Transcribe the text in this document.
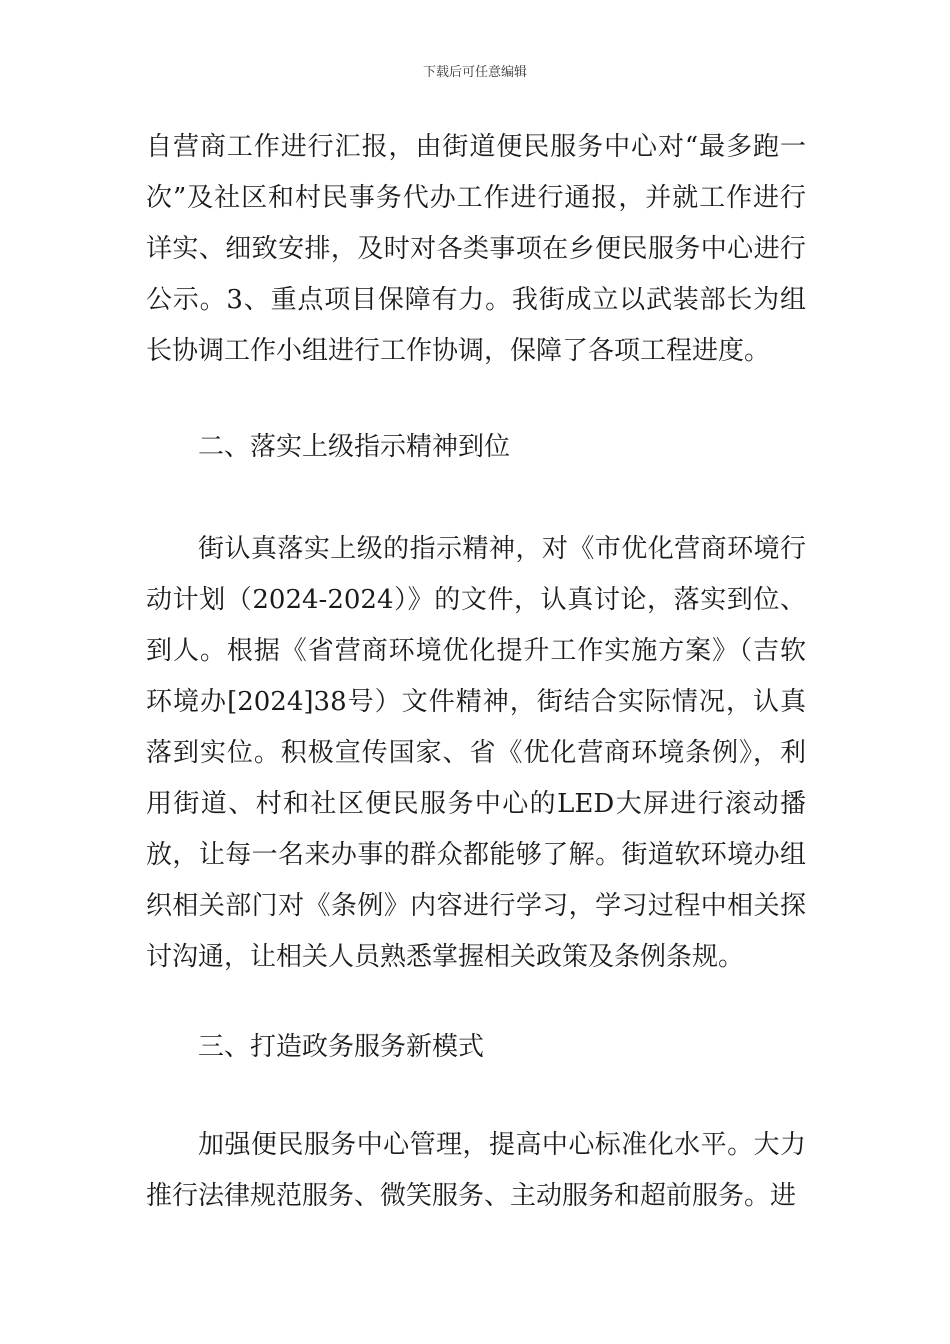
下载后可任意编辑

自营商工作进行汇报，由街道便民服务中心对“最多跑一次”及社区和村民事务代办工作进行通报，并就工作进行详实、细致安排，及时对各类事项在乡便民服务中心进行公示。3、重点项目保障有力。我街成立以武装部长为组长协调工作小组进行工作协调，保障了各项工程进度。

二、落实上级指示精神到位

街认真落实上级的指示精神，对《市优化营商环境行动计划（2024-2024）》的文件，认真讨论，落实到位、到人。根据《省营商环境优化提升工作实施方案》（吉软环境办[2024]38号）文件精神，街结合实际情况，认真落到实位。积极宣传国家、省《优化营商环境条例》，利用街道、村和社区便民服务中心的LED大屏进行滚动播放，让每一名来办事的群众都能够了解。街道软环境办组织相关部门对《条例》内容进行学习，学习过程中相关探讨沟通，让相关人员熟悉掌握相关政策及条例条规。

三、打造政务服务新模式

加强便民服务中心管理，提高中心标准化水平。大力推行法律规范服务、微笑服务、主动服务和超前服务。进
